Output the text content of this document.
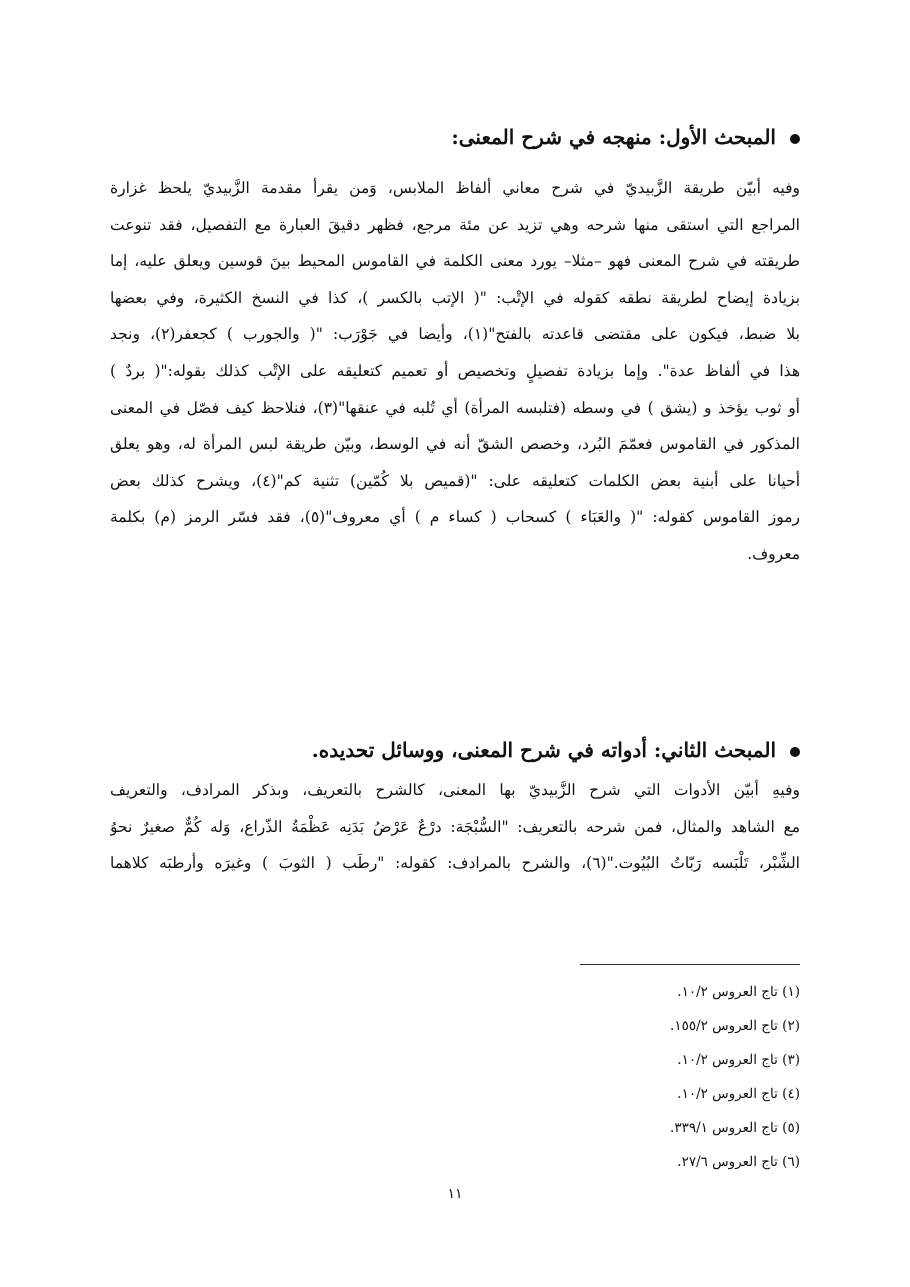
المبحث الأول: منهجه في شرح المعنى:
وفيه أبيّن طريقة الزَّبيديّ في شرح معاني ألفاظ الملابس، وَمن يقرأ مقدمة الزَّبيديّ يلحظ غزارة
المراجع التي استقى منها شرحه وهي تزيد عن مئة مرجع، فظهر دقيقَ العبارة مع التفصيل، فقد تنوعت
طريقته في شرح المعنى فهو –مثلا– يورد معنى الكلمة في القاموس المحيط بينَ قوسين ويعلق عليه، إما
بزيادة إيضاح لطريقة نطقه كقوله في الإتْب: "( الإتب بالكسر )، كذا في النسخ الكثيرة، وفي بعضها
بلا ضبط، فيكون على مقتضى قاعدته بالفتح"(١)، وأيضا في جَوْرَب: "( والجورب ) كجعفر(٢)، ونجد
هذا في ألفاظ عدة". وإما بزيادة تفصيلٍ وتخصيص أو تعميم كتعليقه على الإتْب كذلك بقوله:"( بردٌ )
أو ثوب يؤخذ و (يشق ) في وسطه (فتلبسه المرأة) أي تُلبه في عنقها"(٣)، فنلاحظ كيف فصّل في المعنى
المذكور في القاموس فعمّمَ البُرد، وخصص الشقّ أنه في الوسط، وبيّن طريقة لبس المرأة له، وهو يعلق
أحيانا على أبنية بعض الكلمات كتعليقه على: "(قميص بلا كُمّين) تثنية كم"(٤)، ويشرح كذلك بعض
رموز القاموس كقوله: "( والعَبَاء ) كسحاب ( كساء م ) أي معروف"(٥)، فقد فسّر الرمز (م) بكلمة
معروف.
المبحث الثاني: أدواته في شرح المعنى، ووسائل تحديده.
وفيهِ أبيّن الأدوات التي شرح الزَّبيديّ بها المعنى، كالشرح بالتعريف، وبذكر المرادف، والتعريف
مع الشاهد والمثال، فمن شرحه بالتعريف: "السُّبْجَة: درْعٌ عَرْضُ بَدَنِه عَظْمَةُ الذّراع، وَله كُمٌّ صغيرٌ نحوُ
الشِّبْر، تَلْبَسه رَبّاتُ البُيُوت."(٦)، والشرح بالمرادف: كقوله: "رطَب ( الثوبَ ) وغيرَه وأرطبَه كلاهما
(١) تاج العروس ١٠/٢.
(٢) تاج العروس ١٥٥/٢.
(٣) تاج العروس ١٠/٢.
(٤) تاج العروس ١٠/٢.
(٥) تاج العروس ٣٣٩/١.
(٦) تاج العروس ٢٧/٦.
١١
